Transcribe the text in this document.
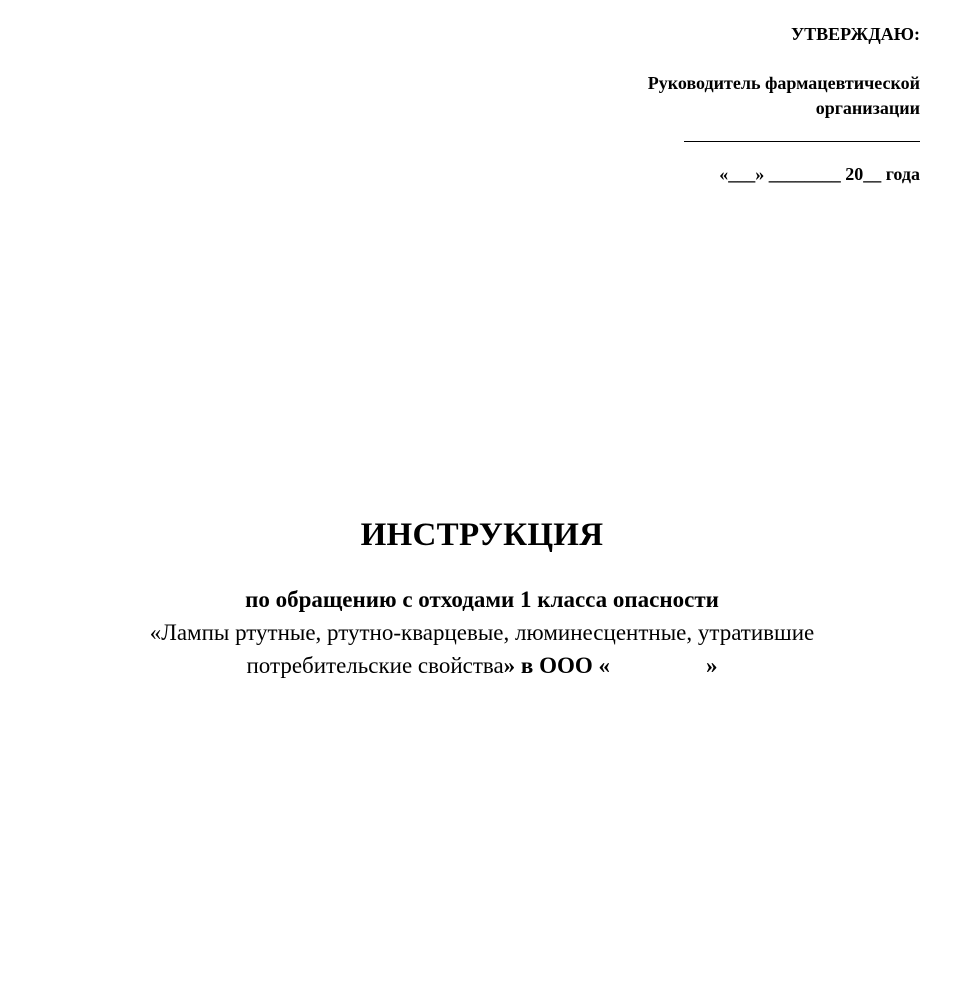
УТВЕРЖДАЮ:
Руководитель фармацевтической
организации
«___» ________ 20__ года
ИНСТРУКЦИЯ
по обращению с отходами 1 класса опасности
«Лампы ртутные, ртутно-кварцевые, люминесцентные, утратившие
потребительские свойства» в ООО «	»
